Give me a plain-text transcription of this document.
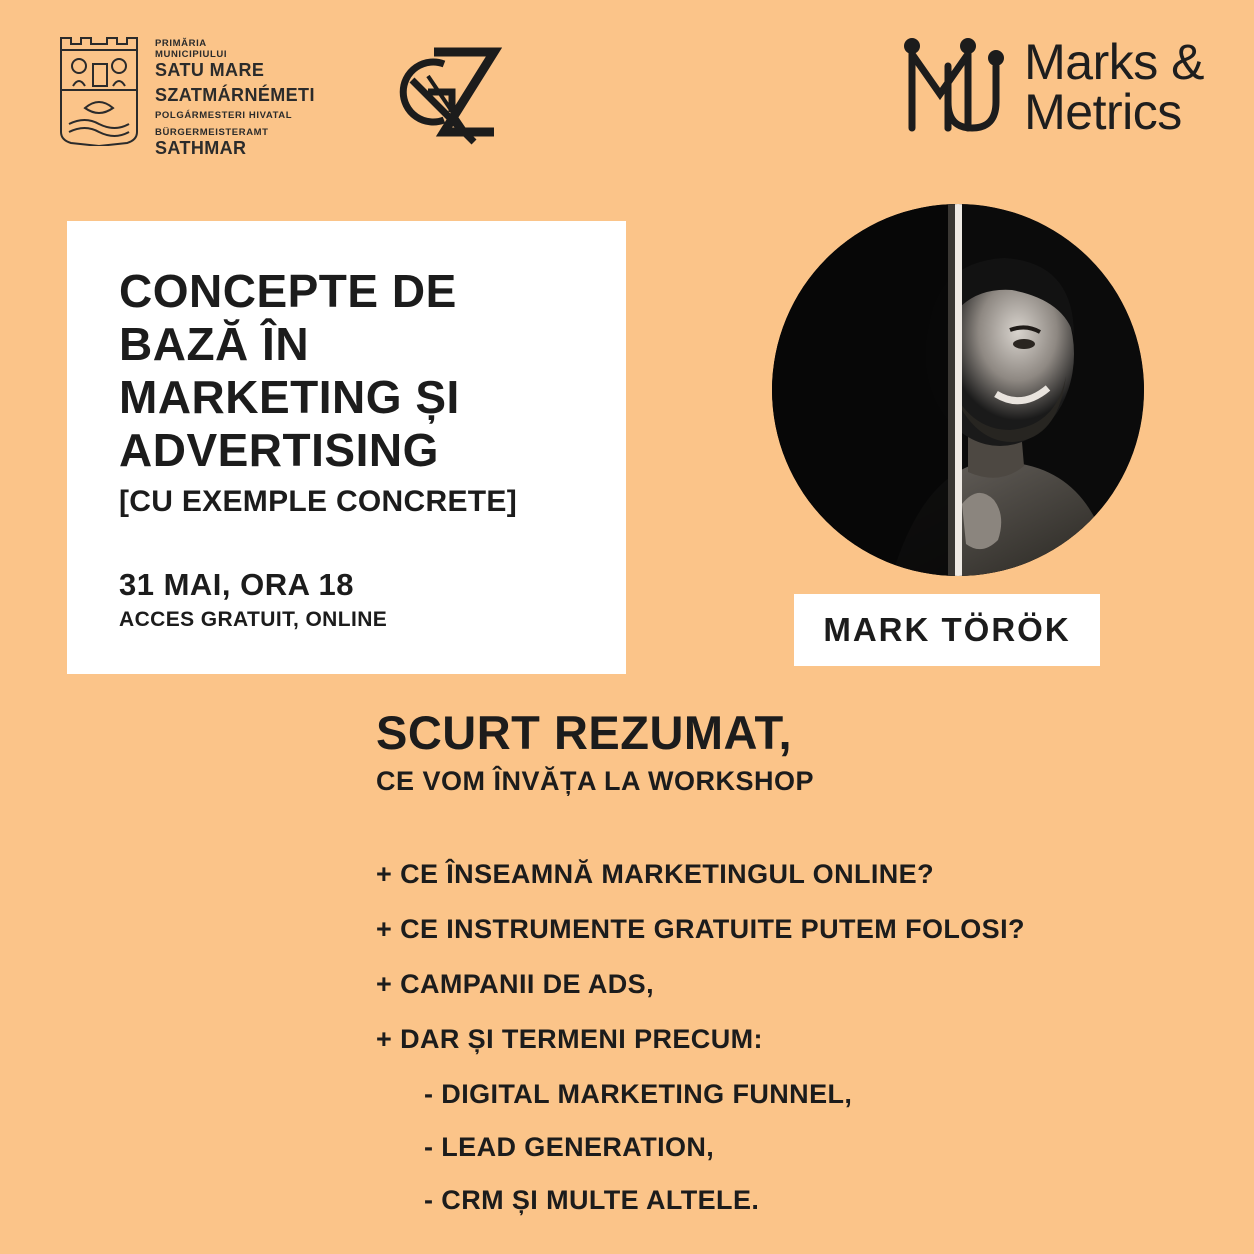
PRIMĂRIA
MUNICIPIULUI
SATU MARE
SZATMÁRNÉMETI
POLGÁRMESTERI HIVATAL
BÜRGERMEISTERAMT
SATHMAR
Marks &
Metrics
CONCEPTE DE BAZĂ ÎN MARKETING ȘI ADVERTISING
[CU EXEMPLE CONCRETE]
31 MAI, ORA 18
ACCES GRATUIT, ONLINE	MARK TÖRÖK
SCURT REZUMAT,
CE VOM ÎNVĂȚA LA WORKSHOP
+ CE ÎNSEAMNĂ MARKETINGUL ONLINE?
+ CE INSTRUMENTE GRATUITE PUTEM FOLOSI?
+ CAMPANII DE ADS,
+ DAR ȘI TERMENI PRECUM:
- DIGITAL MARKETING FUNNEL,
- LEAD GENERATION,
- CRM ȘI MULTE ALTELE.
